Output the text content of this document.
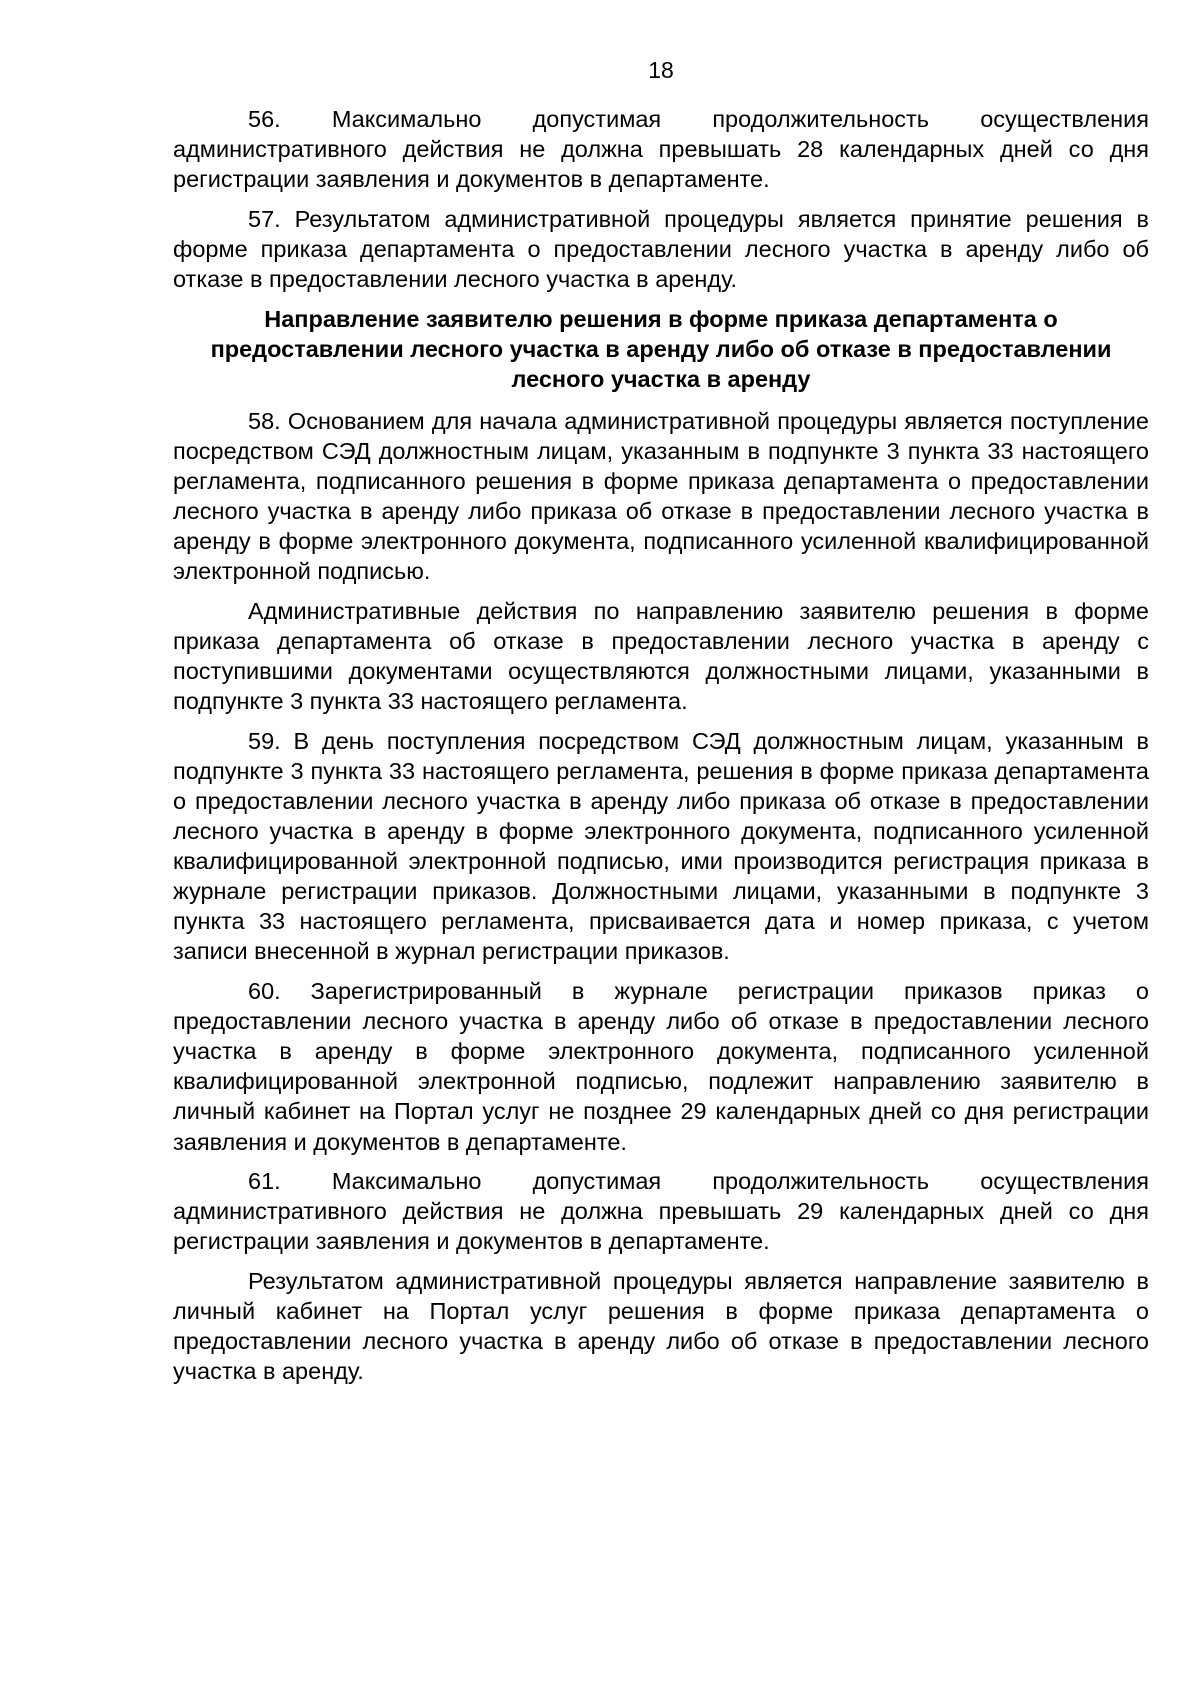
18

56. Максимально допустимая продолжительность осуществления административного действия не должна превышать 28 календарных дней со дня регистрации заявления и документов в департаменте.

57. Результатом административной процедуры является принятие решения в форме приказа департамента о предоставлении лесного участка в аренду либо об отказе в предоставлении лесного участка в аренду.

Направление заявителю решения в форме приказа департамента о предоставлении лесного участка в аренду либо об отказе в предоставлении лесного участка в аренду

58. Основанием для начала административной процедуры является поступление посредством СЭД должностным лицам, указанным в подпункте 3 пункта 33 настоящего регламента, подписанного решения в форме приказа департамента о предоставлении лесного участка в аренду либо приказа об отказе в предоставлении лесного участка в аренду в форме электронного документа, подписанного усиленной квалифицированной электронной подписью.

Административные действия по направлению заявителю решения в форме приказа департамента об отказе в предоставлении лесного участка в аренду с поступившими документами осуществляются должностными лицами, указанными в подпункте 3 пункта 33 настоящего регламента.

59. В день поступления посредством СЭД должностным лицам, указанным в подпункте 3 пункта 33 настоящего регламента, решения в форме приказа департамента о предоставлении лесного участка в аренду либо приказа об отказе в предоставлении лесного участка в аренду в форме электронного документа, подписанного усиленной квалифицированной электронной подписью, ими производится регистрация приказа в журнале регистрации приказов. Должностными лицами, указанными в подпункте 3 пункта 33 настоящего регламента, присваивается дата и номер приказа, с учетом записи внесенной в журнал регистрации приказов.

60. Зарегистрированный в журнале регистрации приказов приказ о предоставлении лесного участка в аренду либо об отказе в предоставлении лесного участка в аренду в форме электронного документа, подписанного усиленной квалифицированной электронной подписью, подлежит направлению заявителю в личный кабинет на Портал услуг не позднее 29 календарных дней со дня регистрации заявления и документов в департаменте.

61. Максимально допустимая продолжительность осуществления административного действия не должна превышать 29 календарных дней со дня регистрации заявления и документов в департаменте.

Результатом административной процедуры является направление заявителю в личный кабинет на Портал услуг решения в форме приказа департамента о предоставлении лесного участка в аренду либо об отказе в предоставлении лесного участка в аренду.
